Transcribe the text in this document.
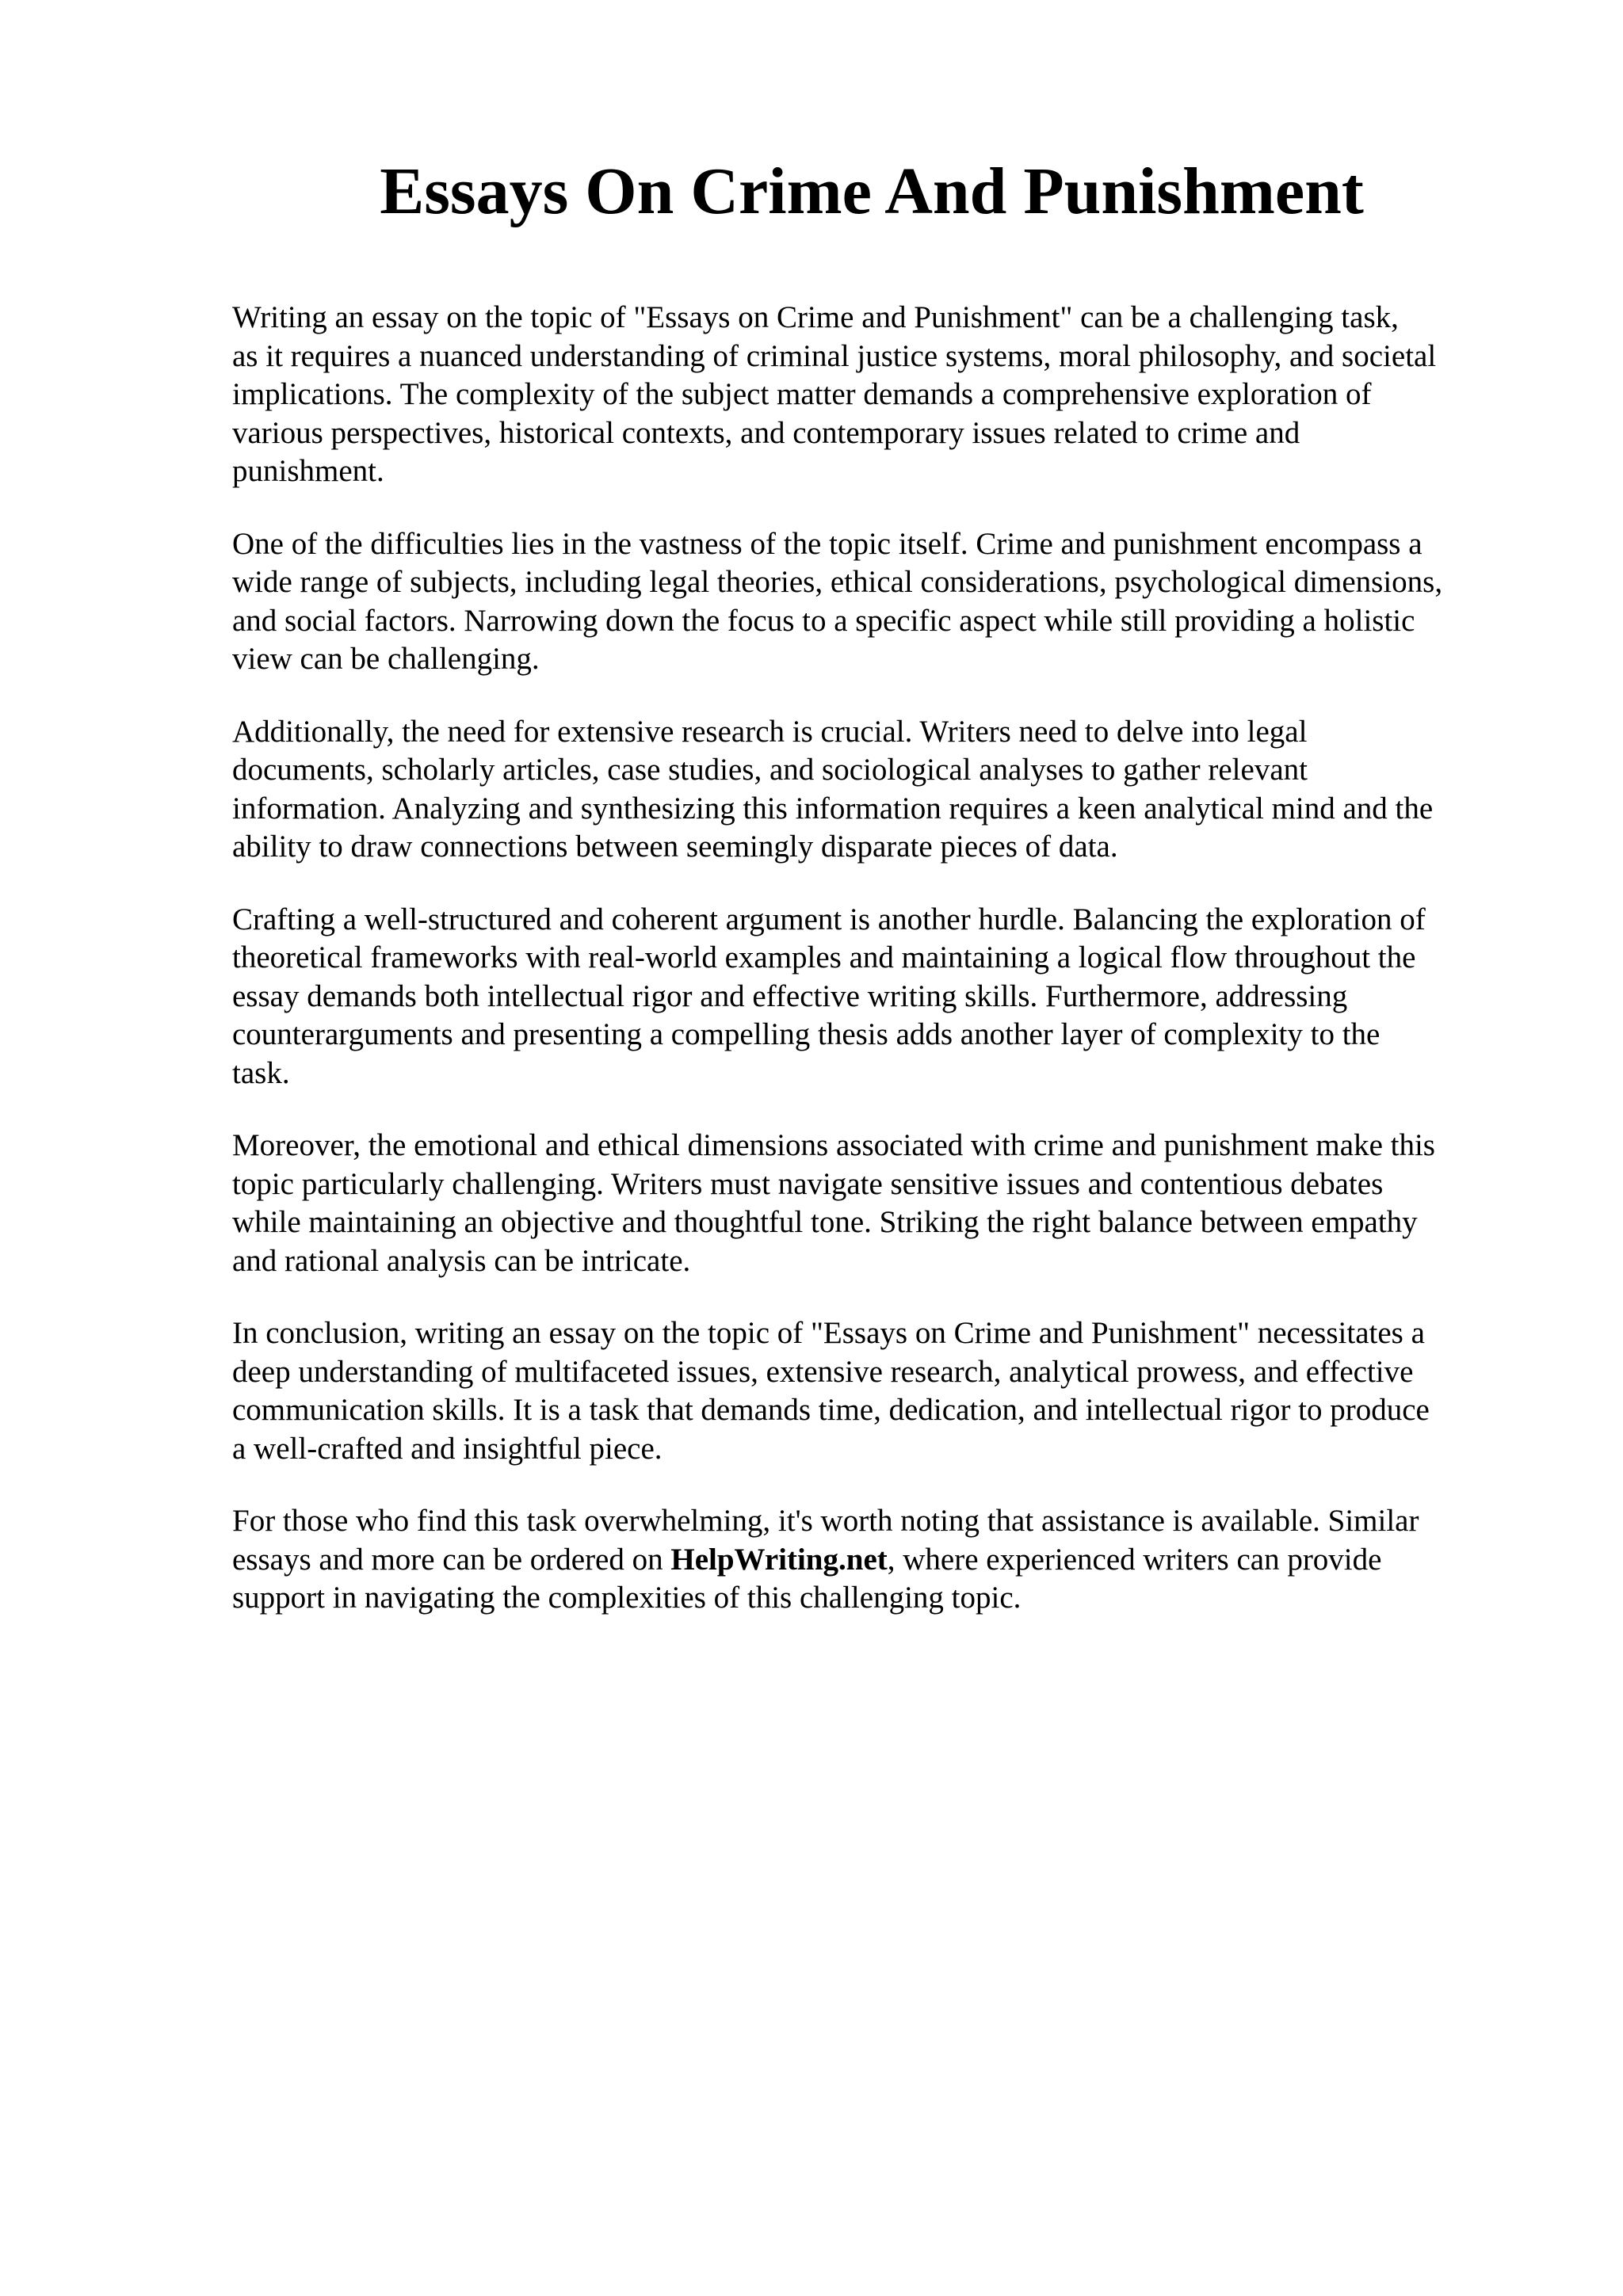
Essays On Crime And Punishment

Writing an essay on the topic of "Essays on Crime and Punishment" can be a challenging task,
as it requires a nuanced understanding of criminal justice systems, moral philosophy, and societal
implications. The complexity of the subject matter demands a comprehensive exploration of
various perspectives, historical contexts, and contemporary issues related to crime and
punishment.

One of the difficulties lies in the vastness of the topic itself. Crime and punishment encompass a
wide range of subjects, including legal theories, ethical considerations, psychological dimensions,
and social factors. Narrowing down the focus to a specific aspect while still providing a holistic
view can be challenging.

Additionally, the need for extensive research is crucial. Writers need to delve into legal
documents, scholarly articles, case studies, and sociological analyses to gather relevant
information. Analyzing and synthesizing this information requires a keen analytical mind and the
ability to draw connections between seemingly disparate pieces of data.

Crafting a well-structured and coherent argument is another hurdle. Balancing the exploration of
theoretical frameworks with real-world examples and maintaining a logical flow throughout the
essay demands both intellectual rigor and effective writing skills. Furthermore, addressing
counterarguments and presenting a compelling thesis adds another layer of complexity to the
task.

Moreover, the emotional and ethical dimensions associated with crime and punishment make this
topic particularly challenging. Writers must navigate sensitive issues and contentious debates
while maintaining an objective and thoughtful tone. Striking the right balance between empathy
and rational analysis can be intricate.

In conclusion, writing an essay on the topic of "Essays on Crime and Punishment" necessitates a
deep understanding of multifaceted issues, extensive research, analytical prowess, and effective
communication skills. It is a task that demands time, dedication, and intellectual rigor to produce
a well-crafted and insightful piece.

For those who find this task overwhelming, it's worth noting that assistance is available. Similar
essays and more can be ordered on HelpWriting.net, where experienced writers can provide
support in navigating the complexities of this challenging topic.
